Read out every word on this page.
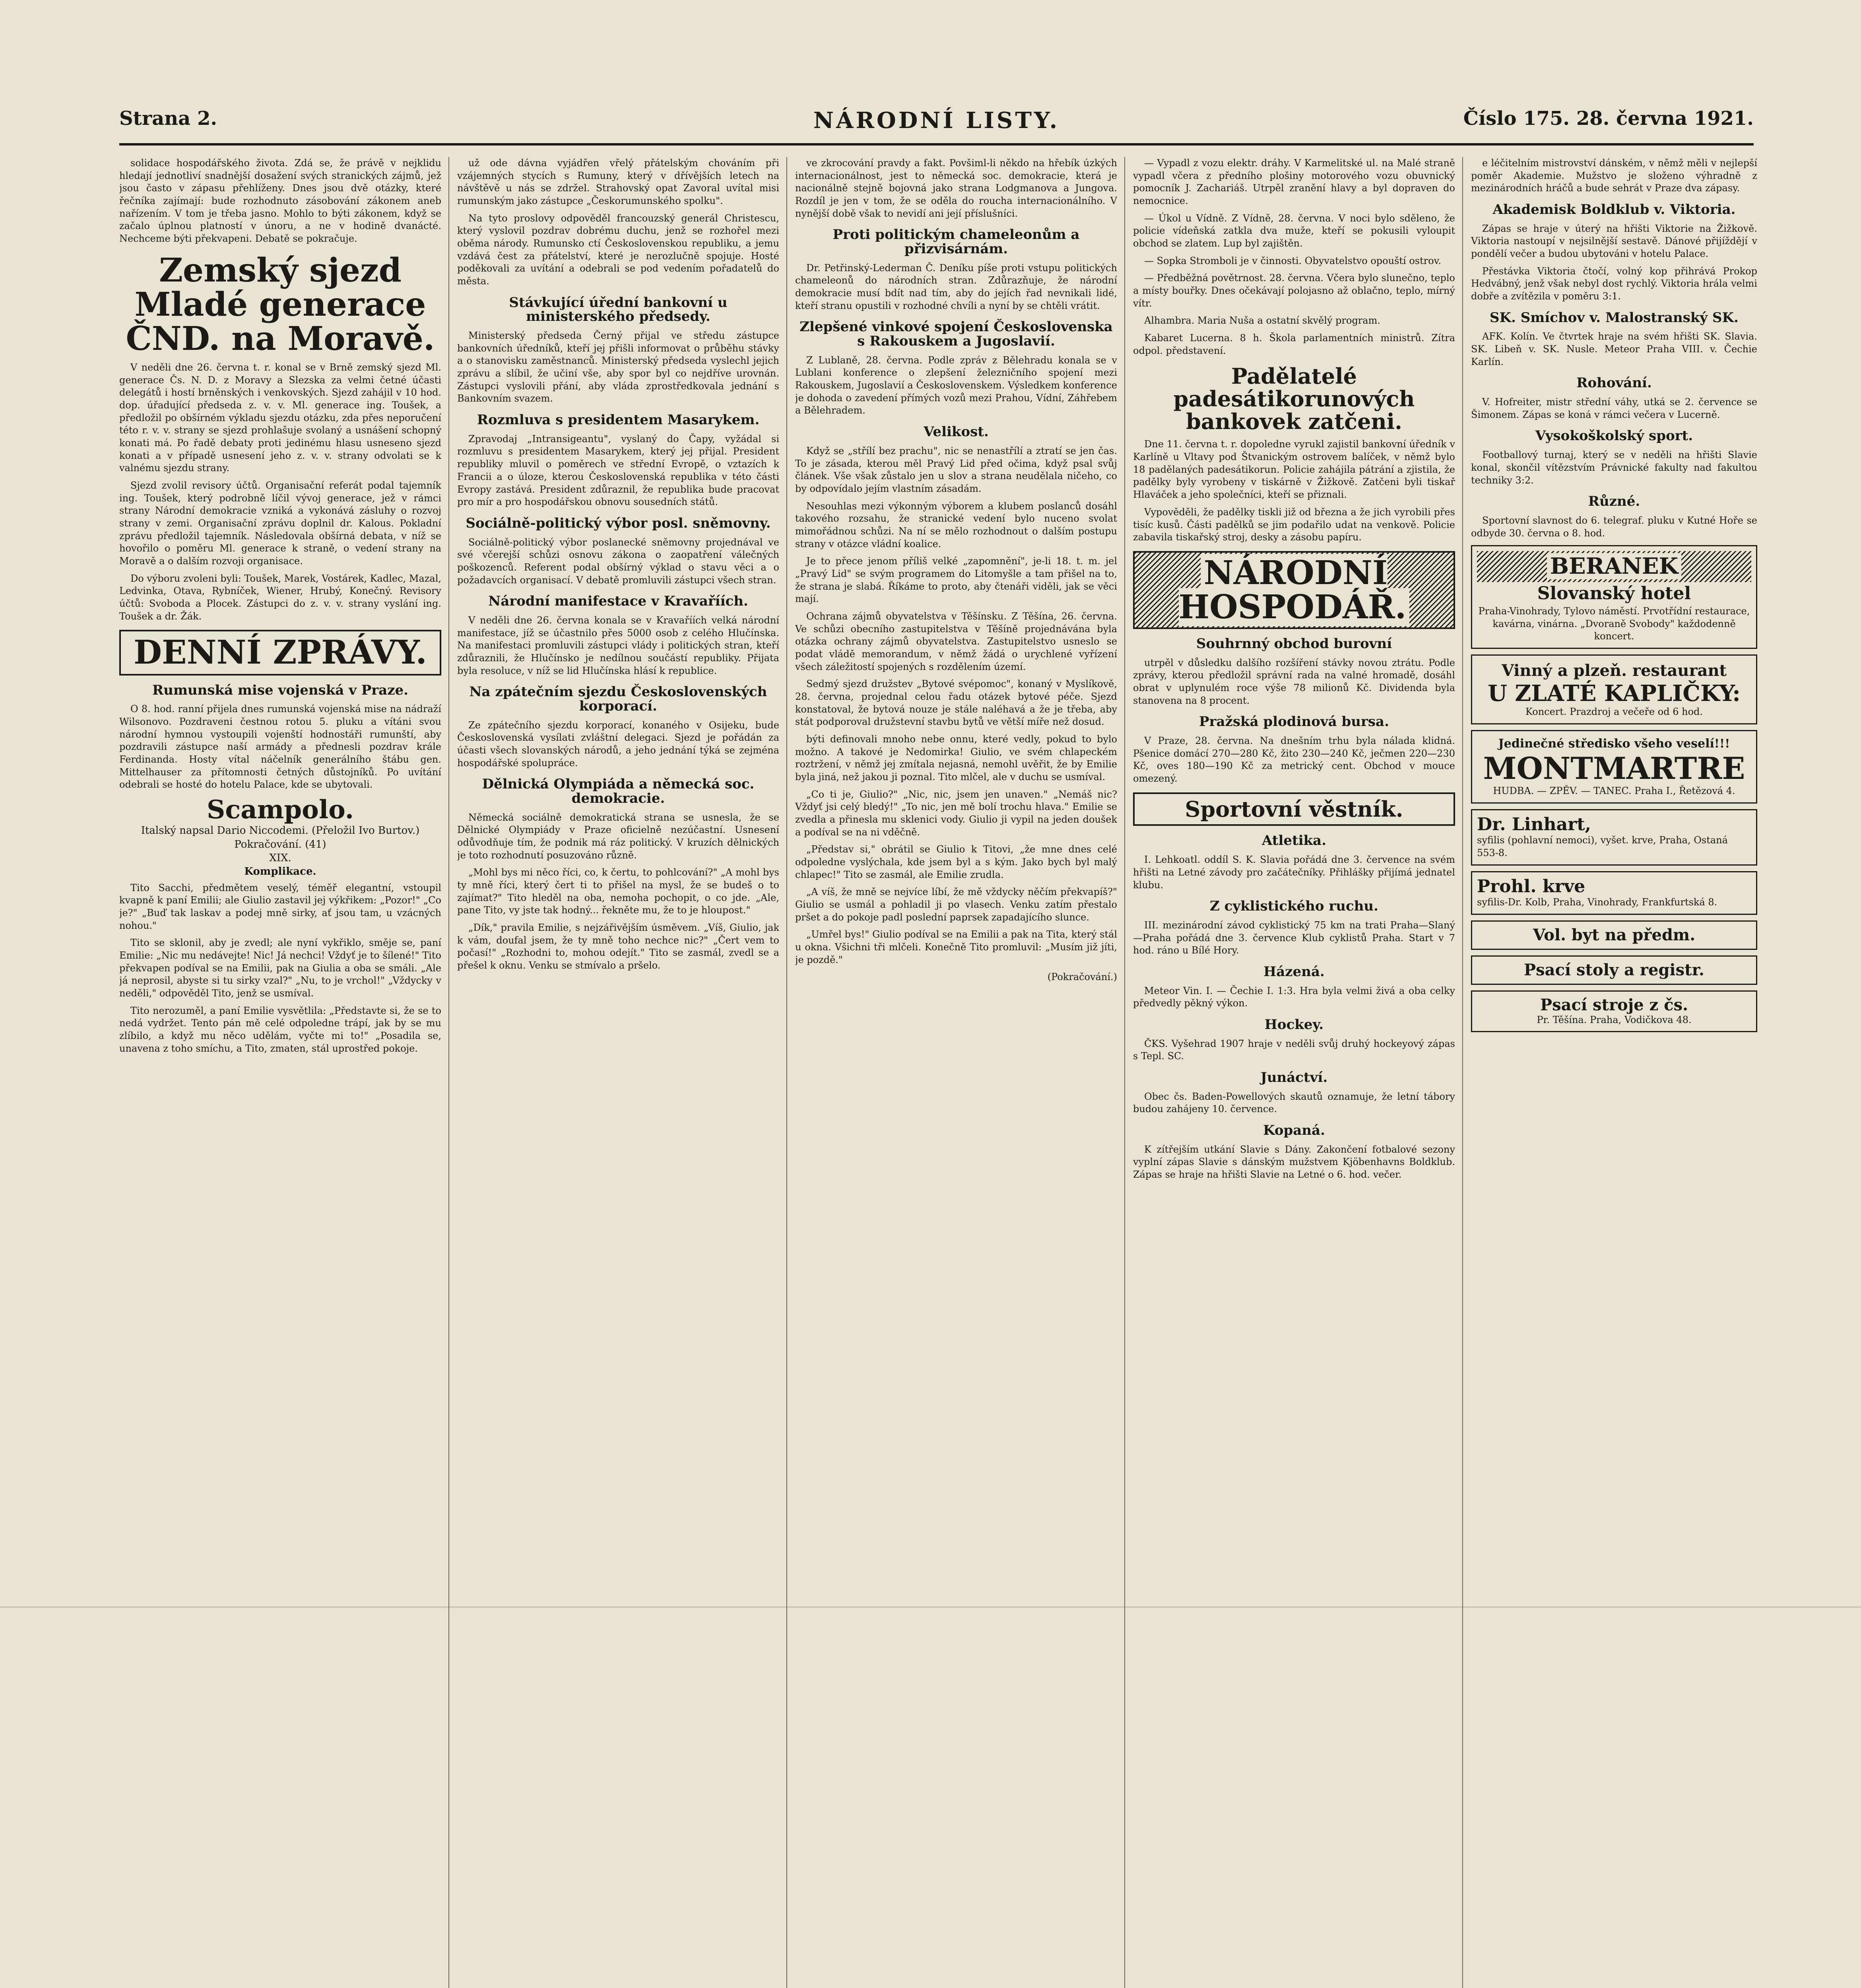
Strana 2.	NÁRODNÍ LISTY.	Číslo 175. 28. června 1921.

solidace hospodářského života. Zdá se, že právě v nejklidu hledají jednotliví snadnější dosažení svých stranických zájmů, jež jsou často v zápasu přehlíženy. Dnes jsou dvě otázky, které řečníka zajímají: bude rozhodnuto zásobování zákonem aneb nařízením. V tom je třeba jasno. Mohlo to býti zákonem, když se začalo úplnou platností v únoru, a ne v hodině dvanácté. Nechceme býti překvapeni. Debatě se pokračuje.

Zemský sjezd Mladé generace ČND. na Moravě.

V neděli dne 26. června t. r. konal se v Brně zemský sjezd Ml. generace Čs. N. D. z Moravy a Slezska za velmi četné účasti delegátů i hostí brněnských i venkovských. Sjezd zahájil v 10 hod. dop. úřadující předseda z. v. v. Ml. generace ing. Toušek, a předložil po obšírném výkladu sjezdu otázku, zda přes neporučení této r. v. v. strany se sjezd prohlašuje svolaný a usnášení schopný konati má. Po řadě debaty proti jedinému hlasu usneseno sjezd konati a v případě usnesení jeho z. v. v. strany odvolati se k valnému sjezdu strany.

Sjezd zvolil revisory účtů. Organisační referát podal tajemník ing. Toušek, který podrobně líčil vývoj generace, jež v rámci strany Národní demokracie vzniká a vykonává zásluhy o rozvoj strany v zemi. Organisační zprávu doplnil dr. Kalous. Pokladní zprávu předložil tajemník. Následovala obšírná debata, v níž se hovořilo o poměru Ml. generace k straně, o vedení strany na Moravě a o dalším rozvoji organisace.

Do výboru zvoleni byli: Toušek, Marek, Vostárek, Kadlec, Mazal, Ledvinka, Otava, Rybníček, Wiener, Hrubý, Konečný. Revisory účtů: Svoboda a Plocek. Zástupci do z. v. v. strany vyslání ing. Toušek a dr. Žák.

DENNÍ ZPRÁVY.
Rumunská mise vojenská v Praze.

O 8. hod. ranní přijela dnes rumunská vojenská mise na nádraží Wilsonovo. Pozdraveni čestnou rotou 5. pluku a vítáni svou národní hymnou vystoupili vojenští hodnostáři rumunští, aby pozdravili zástupce naší armády a přednesli pozdrav krále Ferdinanda. Hosty vítal náčelník generálního štábu gen. Mittelhauser za přítomnosti četných důstojníků. Po uvítání odebrali se hosté do hotelu Palace, kde se ubytovali.

Scampolo.
Italský napsal Dario Niccodemi. (Přeložil Ivo Burtov.)
Pokračování. (41)
XIX.
Komplikace.

Tito Sacchi, předmětem veselý, téměř elegantní, vstoupil kvapně k paní Emilii; ale Giulio zastavil jej výkřikem: „Pozor!" „Co je?" „Buď tak laskav a podej mně sirky, ať jsou tam, u vzácných nohou."

Tito se sklonil, aby je zvedl; ale nyní vykřiklo, směje se, paní Emilie: „Nic mu nedávejte! Nic! Já nechci! Vždyť je to šílené!" Tito překvapen podíval se na Emilii, pak na Giulia a oba se smáli. „Ale já neprosil, abyste si tu sirky vzal?" „Nu, to je vrchol!" „Vždycky v neděli," odpověděl Tito, jenž se usmíval.

Tito nerozuměl, a paní Emilie vysvětlila: „Představte si, že se to nedá vydržet. Tento pán mě celé odpoledne trápí, jak by se mu zlíbilo, a když mu něco udělám, vyčte mi to!" „Posadila se, unavena z toho smíchu, a Tito, zmaten, stál uprostřed pokoje.

už ode dávna vyjádřen vřelý přátelským chováním při vzájemných stycích s Rumuny, který v dřívějších letech na návštěvě u nás se zdržel. Strahovský opat Zavoral uvítal misi rumunským jako zástupce „Českorumunského spolku".

Na tyto proslovy odpověděl francouzský generál Christescu, který vyslovil pozdrav dobrému duchu, jenž se rozhořel mezi oběma národy. Rumunsko ctí Československou republiku, a jemu vzdává čest za přátelství, které je nerozlučně spojuje. Hosté poděkovali za uvítání a odebrali se pod vedením pořadatelů do města.

Stávkující úřední bankovní u ministerského předsedy.

Ministerský předseda Černý přijal ve středu zástupce bankovních úředníků, kteří jej přišli informovat o průběhu stávky a o stanovisku zaměstnanců. Ministerský předseda vyslechl jejich zprávu a slíbil, že učiní vše, aby spor byl co nejdříve urovnán. Zástupci vyslovili přání, aby vláda zprostředkovala jednání s Bankovním svazem.

Rozmluva s presidentem Masarykem.

Zpravodaj „Intransigeantu", vyslaný do Čapy, vyžádal si rozmluvu s presidentem Masarykem, který jej přijal. President republiky mluvil o poměrech ve střední Evropě, o vztazích k Francii a o úloze, kterou Československá republika v této části Evropy zastává. President zdůraznil, že republika bude pracovat pro mír a pro hospodářskou obnovu sousedních států.

Sociálně-politický výbor posl. sněmovny.

Sociálně-politický výbor poslanecké sněmovny projednával ve své včerejší schůzi osnovu zákona o zaopatření válečných poškozenců. Referent podal obšírný výklad o stavu věci a o požadavcích organisací. V debatě promluvili zástupci všech stran.

Národní manifestace v Kravaříích.

V neděli dne 26. června konala se v Kravaříích velká národní manifestace, jíž se účastnilo přes 5000 osob z celého Hlučínska. Na manifestaci promluvili zástupci vlády i politických stran, kteří zdůraznili, že Hlučínsko je nedílnou součástí republiky. Přijata byla resoluce, v níž se lid Hlučínska hlásí k republice.

Na zpátečním sjezdu Československých korporací.

Ze zpátečního sjezdu korporací, konaného v Osijeku, bude Československá vysílati zvláštní delegaci. Sjezd je pořádán za účasti všech slovanských národů, a jeho jednání týká se zejména hospodářské spolupráce.

Dělnická Olympiáda a německá soc. demokracie.

Německá sociálně demokratická strana se usnesla, že se Dělnické Olympiády v Praze oficielně nezúčastní. Usnesení odůvodňuje tím, že podnik má ráz politický. V kruzích dělnických je toto rozhodnutí posuzováno různě.

„Mohl bys mi něco říci, co, k čertu, to pohlcování?" „A mohl bys ty mně říci, který čert ti to přišel na mysl, že se budeš o to zajímat?" Tito hleděl na oba, nemoha pochopit, o co jde. „Ale, pane Tito, vy jste tak hodný... řekněte mu, že to je hloupost."

„Dík," pravila Emilie, s nejzářivějším úsměvem. „Víš, Giulio, jak k vám, doufal jsem, že ty mně toho nechce nic?" „Čert vem to počasí!" „Rozhodni to, mohou odejít." Tito se zasmál, zvedl se a přešel k oknu. Venku se stmívalo a pršelo.

ve zkrocování pravdy a fakt. Povšiml-li někdo na hřebík úzkých internacionálnost, jest to německá soc. demokracie, která je nacionálně stejně bojovná jako strana Lodgmanova a Jungova. Rozdíl je jen v tom, že se oděla do roucha internacionálního. V nynější době však to nevidí ani její příslušníci.

Proti politickým chameleonům a přizvisárnám.

Dr. Petřinský-Lederman Č. Deníku píše proti vstupu politických chameleonů do národních stran. Zdůrazňuje, že národní demokracie musí bdít nad tím, aby do jejích řad nevnikali lidé, kteří stranu opustili v rozhodné chvíli a nyní by se chtěli vrátit.

Zlepšené vinkové spojení Československa s Rakouskem a Jugoslavií.

Z Lublaně, 28. června. Podle zpráv z Bělehradu konala se v Lublani konference o zlepšení železničního spojení mezi Rakouskem, Jugoslavií a Československem. Výsledkem konference je dohoda o zavedení přímých vozů mezi Prahou, Vídní, Záhřebem a Bělehradem.

Velikost.

Když se „střílí bez prachu", nic se nenastřílí a ztratí se jen čas. To je zásada, kterou měl Pravý Lid před očima, když psal svůj článek. Vše však zůstalo jen u slov a strana neudělala ničeho, co by odpovídalo jejím vlastním zásadám.

Nesouhlas mezi výkonným výborem a klubem poslanců dosáhl takového rozsahu, že stranické vedení bylo nuceno svolat mimořádnou schůzi. Na ní se mělo rozhodnout o dalším postupu strany v otázce vládní koalice.

Je to přece jenom příliš velké „zapomnění", je-li 18. t. m. jel „Pravý Lid" se svým programem do Litomyšle a tam přišel na to, že strana je slabá. Říkáme to proto, aby čtenáři viděli, jak se věci mají.

Ochrana zájmů obyvatelstva v Těšínsku. Z Těšína, 26. června. Ve schůzi obecního zastupitelstva v Těšíně projednávána byla otázka ochrany zájmů obyvatelstva. Zastupitelstvo usneslo se podat vládě memorandum, v němž žádá o urychlené vyřízení všech záležitostí spojených s rozdělením území.

Sedmý sjezd družstev „Bytové svépomoc", konaný v Myslíkově, 28. června, projednal celou řadu otázek bytové péče. Sjezd konstatoval, že bytová nouze je stále naléhavá a že je třeba, aby stát podporoval družstevní stavbu bytů ve větší míře než dosud.

býti definovali mnoho nebe onnu, které vedly, pokud to bylo možno. A takové je Nedomirka! Giulio, ve svém chlapeckém roztržení, v němž jej zmítala nejasná, nemohl uvěřit, že by Emilie byla jiná, než jakou ji poznal. Tito mlčel, ale v duchu se usmíval.

„Co ti je, Giulio?" „Nic, nic, jsem jen unaven." „Nemáš nic? Vždyť jsi celý bledý!" „To nic, jen mě bolí trochu hlava." Emilie se zvedla a přinesla mu sklenici vody. Giulio ji vypil na jeden doušek a podíval se na ni vděčně.

„Představ si," obrátil se Giulio k Titovi, „že mne dnes celé odpoledne vyslýchala, kde jsem byl a s kým. Jako bych byl malý chlapec!" Tito se zasmál, ale Emilie zrudla.

„A víš, že mně se nejvíce líbí, že mě vždycky něčím překvapíš?" Giulio se usmál a pohladil ji po vlasech. Venku zatím přestalo pršet a do pokoje padl poslední paprsek zapadajícího slunce.

„Umřel bys!" Giulio podíval se na Emilii a pak na Tita, který stál u okna. Všichni tři mlčeli. Konečně Tito promluvil: „Musím již jíti, je pozdě."

(Pokračování.)

— Vypadl z vozu elektr. dráhy. V Karmelitské ul. na Malé straně vypadl včera z předního plošiny motorového vozu obuvnický pomocník J. Zachariáš. Utrpěl zranění hlavy a byl dopraven do nemocnice.

— Úkol u Vídně. Z Vídně, 28. června. V noci bylo sděleno, že policie vídeňská zatkla dva muže, kteří se pokusili vyloupit obchod se zlatem. Lup byl zajištěn.

— Sopka Stromboli je v činnosti. Obyvatelstvo opouští ostrov.

— Předběžná povětrnost. 28. června. Včera bylo slunečno, teplo a místy bouřky. Dnes očekávají polojasno až oblačno, teplo, mírný vítr.

Alhambra. Maria Nuša a ostatní skvělý program.

Kabaret Lucerna. 8 h. Škola parlamentních ministrů. Zítra odpol. představení.

Padělatelé padesátikorunových bankovek zatčeni.

Dne 11. června t. r. dopoledne vyrukl zajistil bankovní úředník v Karlíně u Vltavy pod Štvanickým ostrovem balíček, v němž bylo 18 padělaných padesátikorun. Policie zahájila pátrání a zjistila, že padělky byly vyrobeny v tiskárně v Žižkově. Zatčeni byli tiskař Hlaváček a jeho společníci, kteří se přiznali.

Vypověděli, že padělky tiskli již od března a že jich vyrobili přes tisíc kusů. Části padělků se jim podařilo udat na venkově. Policie zabavila tiskařský stroj, desky a zásobu papíru.

NÁRODNÍ HOSPODÁŘ.
Souhrnný obchod burovní

utrpěl v důsledku dalšího rozšíření stávky novou ztrátu. Podle zprávy, kterou předložil správní rada na valné hromadě, dosáhl obrat v uplynulém roce výše 78 milionů Kč. Dividenda byla stanovena na 8 procent.

Pražská plodinová bursa.

V Praze, 28. června. Na dnešním trhu byla nálada klidná. Pšenice domácí 270—280 Kč, žito 230—240 Kč, ječmen 220—230 Kč, oves 180—190 Kč za metrický cent. Obchod v mouce omezený.

Sportovní věstník.
Atletika.

I. Lehkoatl. oddíl S. K. Slavia pořádá dne 3. července na svém hřišti na Letné závody pro začátečníky. Přihlášky přijímá jednatel klubu.

Z cyklistického ruchu.

III. mezinárodní závod cyklistický 75 km na trati Praha—Slaný—Praha pořádá dne 3. července Klub cyklistů Praha. Start v 7 hod. ráno u Bílé Hory.

Házená.

Meteor Vin. I. — Čechie I. 1:3. Hra byla velmi živá a oba celky předvedly pěkný výkon.

Hockey.

ČKS. Vyšehrad 1907 hraje v neděli svůj druhý hockeyový zápas s Tepl. SC.

Junáctví.

Obec čs. Baden-Powellových skautů oznamuje, že letní tábory budou zahájeny 10. července.

Kopaná.

K zítřejším utkání Slavie s Dány. Zakončení fotbalové sezony vyplní zápas Slavie s dánským mužstvem Kjöbenhavns Boldklub. Zápas se hraje na hřišti Slavie na Letné o 6. hod. večer.

e léčitelním mistrovství dánském, v němž měli v nejlepší poměr Akademie. Mužstvo je složeno výhradně z mezinárodních hráčů a bude sehrát v Praze dva zápasy.

Akademisk Boldklub v. Viktoria.

Zápas se hraje v úterý na hřišti Viktorie na Žižkově. Viktoria nastoupí v nejsilnější sestavě. Dánové přijíždějí v pondělí večer a budou ubytováni v hotelu Palace.

Přestávka Viktoria čtočí, volný kop přihrává Prokop Hedvábný, jenž však nebyl dost rychlý. Viktoria hrála velmi dobře a zvítězila v poměru 3:1.

SK. Smíchov v. Malostranský SK.

AFK. Kolín. Ve čtvrtek hraje na svém hřišti SK. Slavia. SK. Libeň v. SK. Nusle. Meteor Praha VIII. v. Čechie Karlín.

Rohování.

V. Hofreiter, mistr střední váhy, utká se 2. července se Šimonem. Zápas se koná v rámci večera v Lucerně.

Vysokoškolský sport.

Footballový turnaj, který se v neděli na hřišti Slavie konal, skončil vítězstvím Právnické fakulty nad fakultou techniky 3:2.

Různé.

Sportovní slavnost do 6. telegraf. pluku v Kutné Hoře se odbyde 30. června o 8. hod.

BERANEK
Slovanský hotel
Praha-Vinohrady, Tylovo náměstí. Prvotřídní restaurace, kavárna, vinárna. „Dvoraně Svobody" každodenně koncert.
Vinný a plzeň. restaurant
U ZLATÉ KAPLIČKY:
Koncert. Prazdroj a večeře od 6 hod.
Jedinečné středisko všeho veselí!!!
MONTMARTRE
HUDBA. — ZPĚV. — TANEC. Praha I., Řetězová 4.
Dr. Linhart,
syfilis (pohlavní nemoci), vyšet. krve, Praha, Ostaná 553-8.
Prohl. krve
syfilis-Dr. Kolb, Praha, Vinohrady, Frankfurtská 8.
Vol. byt na předm.
Psací stoly a registr.
Psací stroje z čs.
Pr. Těšína. Praha, Vodičkova 48.
